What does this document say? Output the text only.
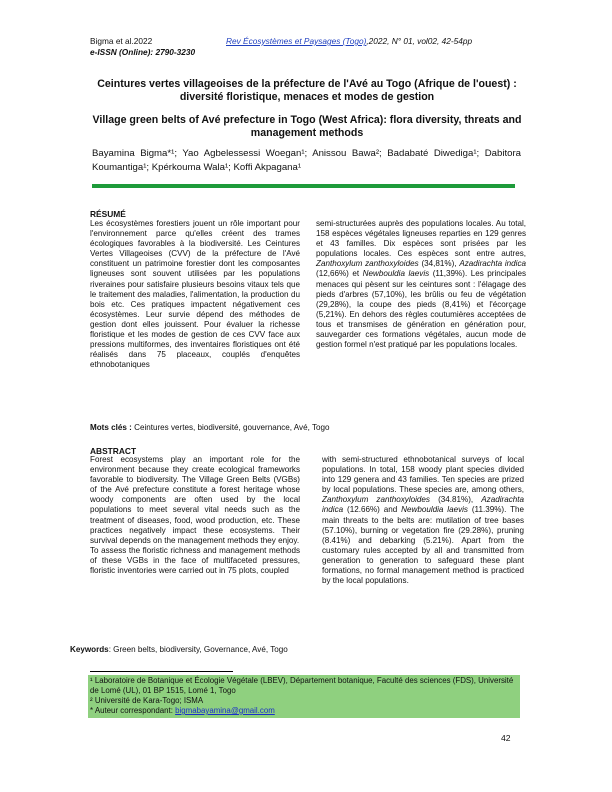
Bigma et al.2022
e-ISSN (Online): 2790-3230
Rev Écosystèmes et Paysages (Togo),2022, N° 01, vol02, 42-54pp
Ceintures vertes villageoises de la préfecture de l'Avé au Togo (Afrique de l'ouest) : diversité floristique, menaces et modes de gestion
Village green belts of Avé prefecture in Togo (West Africa): flora diversity, threats and management methods
Bayamina Bigma*¹; Yao Agbelessessi Woegan¹; Anissou Bawa²; Badabaté Diwediga¹; Dabitora Koumantiga¹; Kpérkouma Wala¹; Koffi Akpagana¹
RÉSUMÉ

Les écosystèmes forestiers jouent un rôle important pour l'environnement parce qu'elles créent des trames écologiques favorables à la biodiversité. Les Ceintures Vertes Villageoises (CVV) de la préfecture de l'Avé constituent un patrimoine forestier dont les composantes ligneuses sont souvent utilisées par les populations riveraines pour satisfaire plusieurs besoins vitaux tels que le traitement des maladies, l'alimentation, la production du bois etc. Ces pratiques impactent négativement ces écosystèmes. Leur survie dépend des méthodes de gestion dont elles jouissent. Pour évaluer la richesse floristique et les modes de gestion de ces CVV face aux pressions multiformes, des inventaires floristiques ont été réalisés dans 75 placeaux, couplés d'enquêtes ethnobotaniques

semi-structurées auprès des populations locales. Au total, 158 espèces végétales ligneuses reparties en 129 genres et 43 familles. Dix espèces sont prisées par les populations locales. Ces espèces sont entre autres, Zanthoxylum zanthoxyloides (34,81%), Azadirachta indica (12,66%) et Newbouldia laevis (11,39%). Les principales menaces qui pèsent sur les ceintures sont : l'élagage des pieds d'arbres (57,10%), les brûlis ou feu de végétation (29,28%), la coupe des pieds (8,41%) et l'écorçage (5,21%). En dehors des règles coutumières acceptées de tous et transmises de génération en génération pour, sauvegarder ces formations végétales, aucun mode de gestion formel n'est pratiqué par les populations locales.

Mots clés : Ceintures vertes, biodiversité, gouvernance, Avé, Togo
ABSTRACT

Forest ecosystems play an important role for the environment because they create ecological frameworks favorable to biodiversity. The Village Green Belts (VGBs) of the Avé prefecture constitute a forest heritage whose woody components are often used by the local populations to meet several vital needs such as the treatment of diseases, food, wood production, etc. These practices negatively impact these ecosystems. Their survival depends on the management methods they enjoy.

To assess the floristic richness and management methods of these VGBs in the face of multifaceted pressures, floristic inventories were carried out in 75 plots, coupled

with semi-structured ethnobotanical surveys of local populations. In total, 158 woody plant species divided into 129 genera and 43 families. Ten species are prized by local populations. These species are, among others, Zanthoxylum zanthoxyloides (34.81%), Azadirachta indica (12.66%) and Newbouldia laevis (11.39%). The main threats to the belts are: mutilation of tree bases (57.10%), burning or vegetation fire (29.28%), pruning (8.41%) and debarking (5.21%). Apart from the customary rules accepted by all and transmitted from generation to generation to safeguard these plant formations, no formal management method is practiced by the local populations.

Keywords: Green belts, biodiversity, Governance, Avé, Togo
¹ Laboratoire de Botanique et Écologie Végétale (LBEV), Département botanique, Faculté des sciences (FDS), Université de Lomé (UL), 01 BP 1515, Lomé 1, Togo
² Université de Kara-Togo; ISMA
* Auteur correspondant: bigmabayamina@gmail.com
42
